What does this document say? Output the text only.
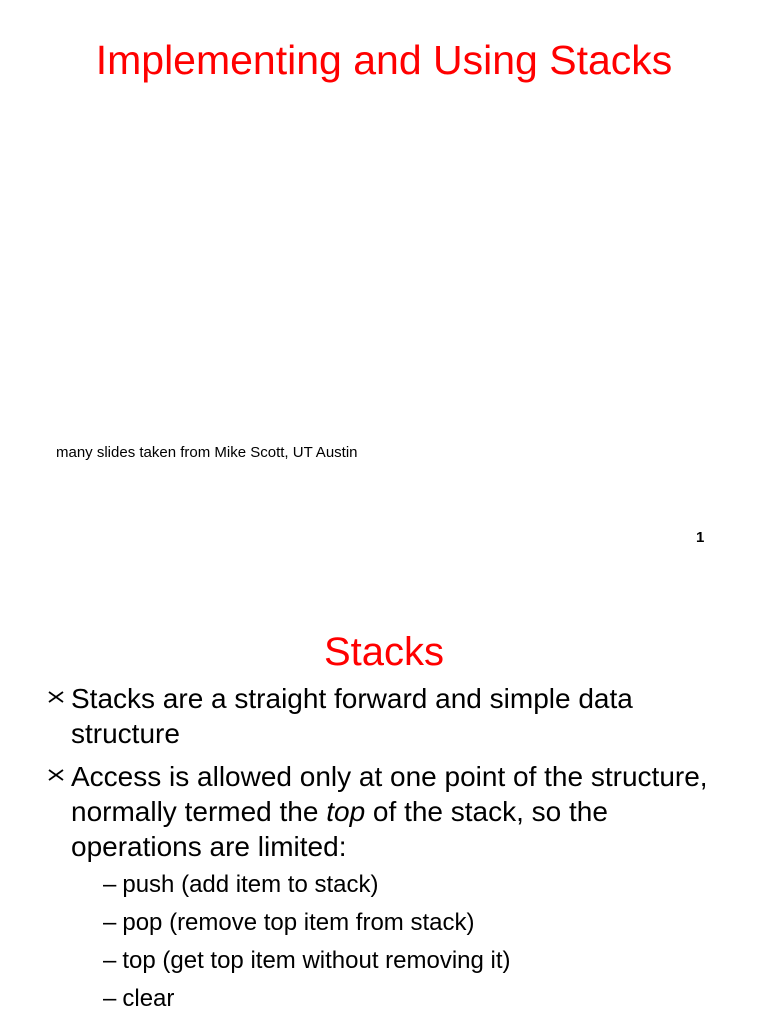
Implementing and Using Stacks
many slides taken from Mike Scott, UT Austin
1
Stacks
Stacks are a straight forward and simple data structure
Access is allowed only at one point of the structure, normally termed the top of the stack, so the operations are limited:
– push (add item to stack)
– pop (remove top item from stack)
– top (get top item without removing it)
– clear
